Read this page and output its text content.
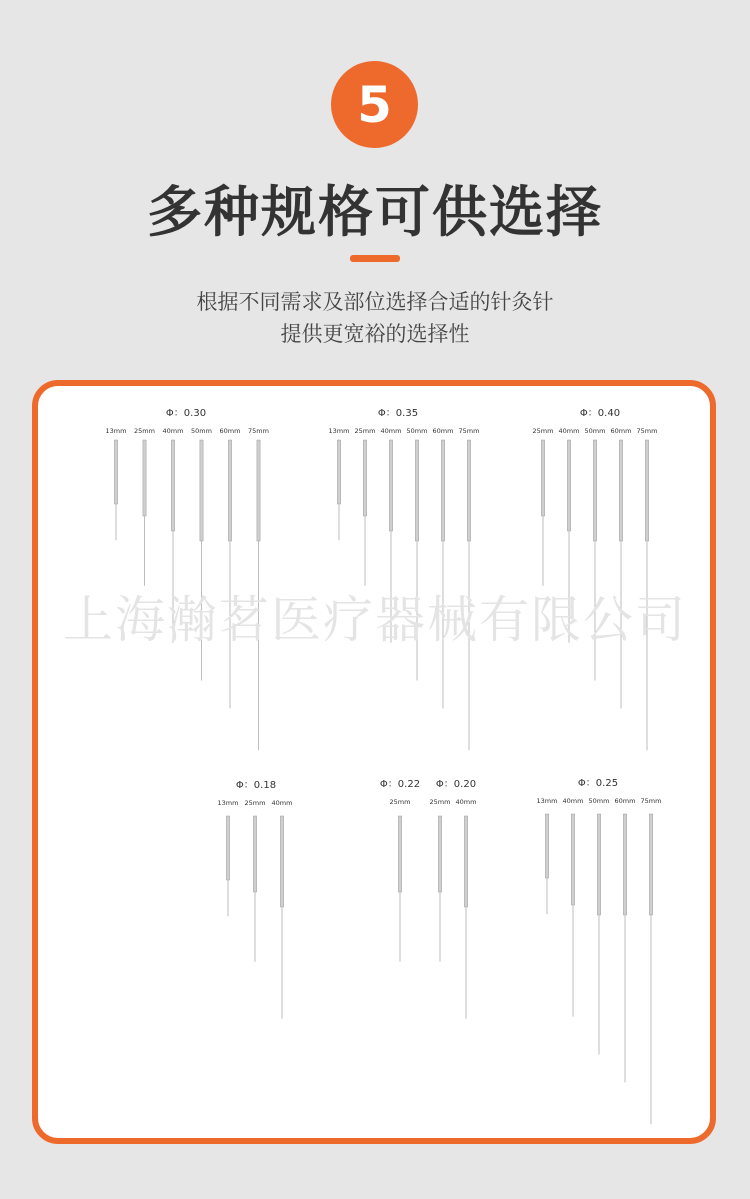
5
多种规格可供选择
根据不同需求及部位选择合适的针灸针
提供更宽裕的选择性
Φ：0.30
13mm 25mm 40mm 50mm 60mm 75mm
Φ：0.35
13mm 25mm 40mm 50mm 60mm 75mm
Φ：0.40
25mm 40mm 50mm 60mm 75mm
Φ：0.18
13mm 25mm 40mm
Φ：0.22
25mm
Φ：0.20
25mm 40mm
Φ：0.25
13mm 40mm 50mm 60mm 75mm
上海瀚茗医疗器械有限公司
